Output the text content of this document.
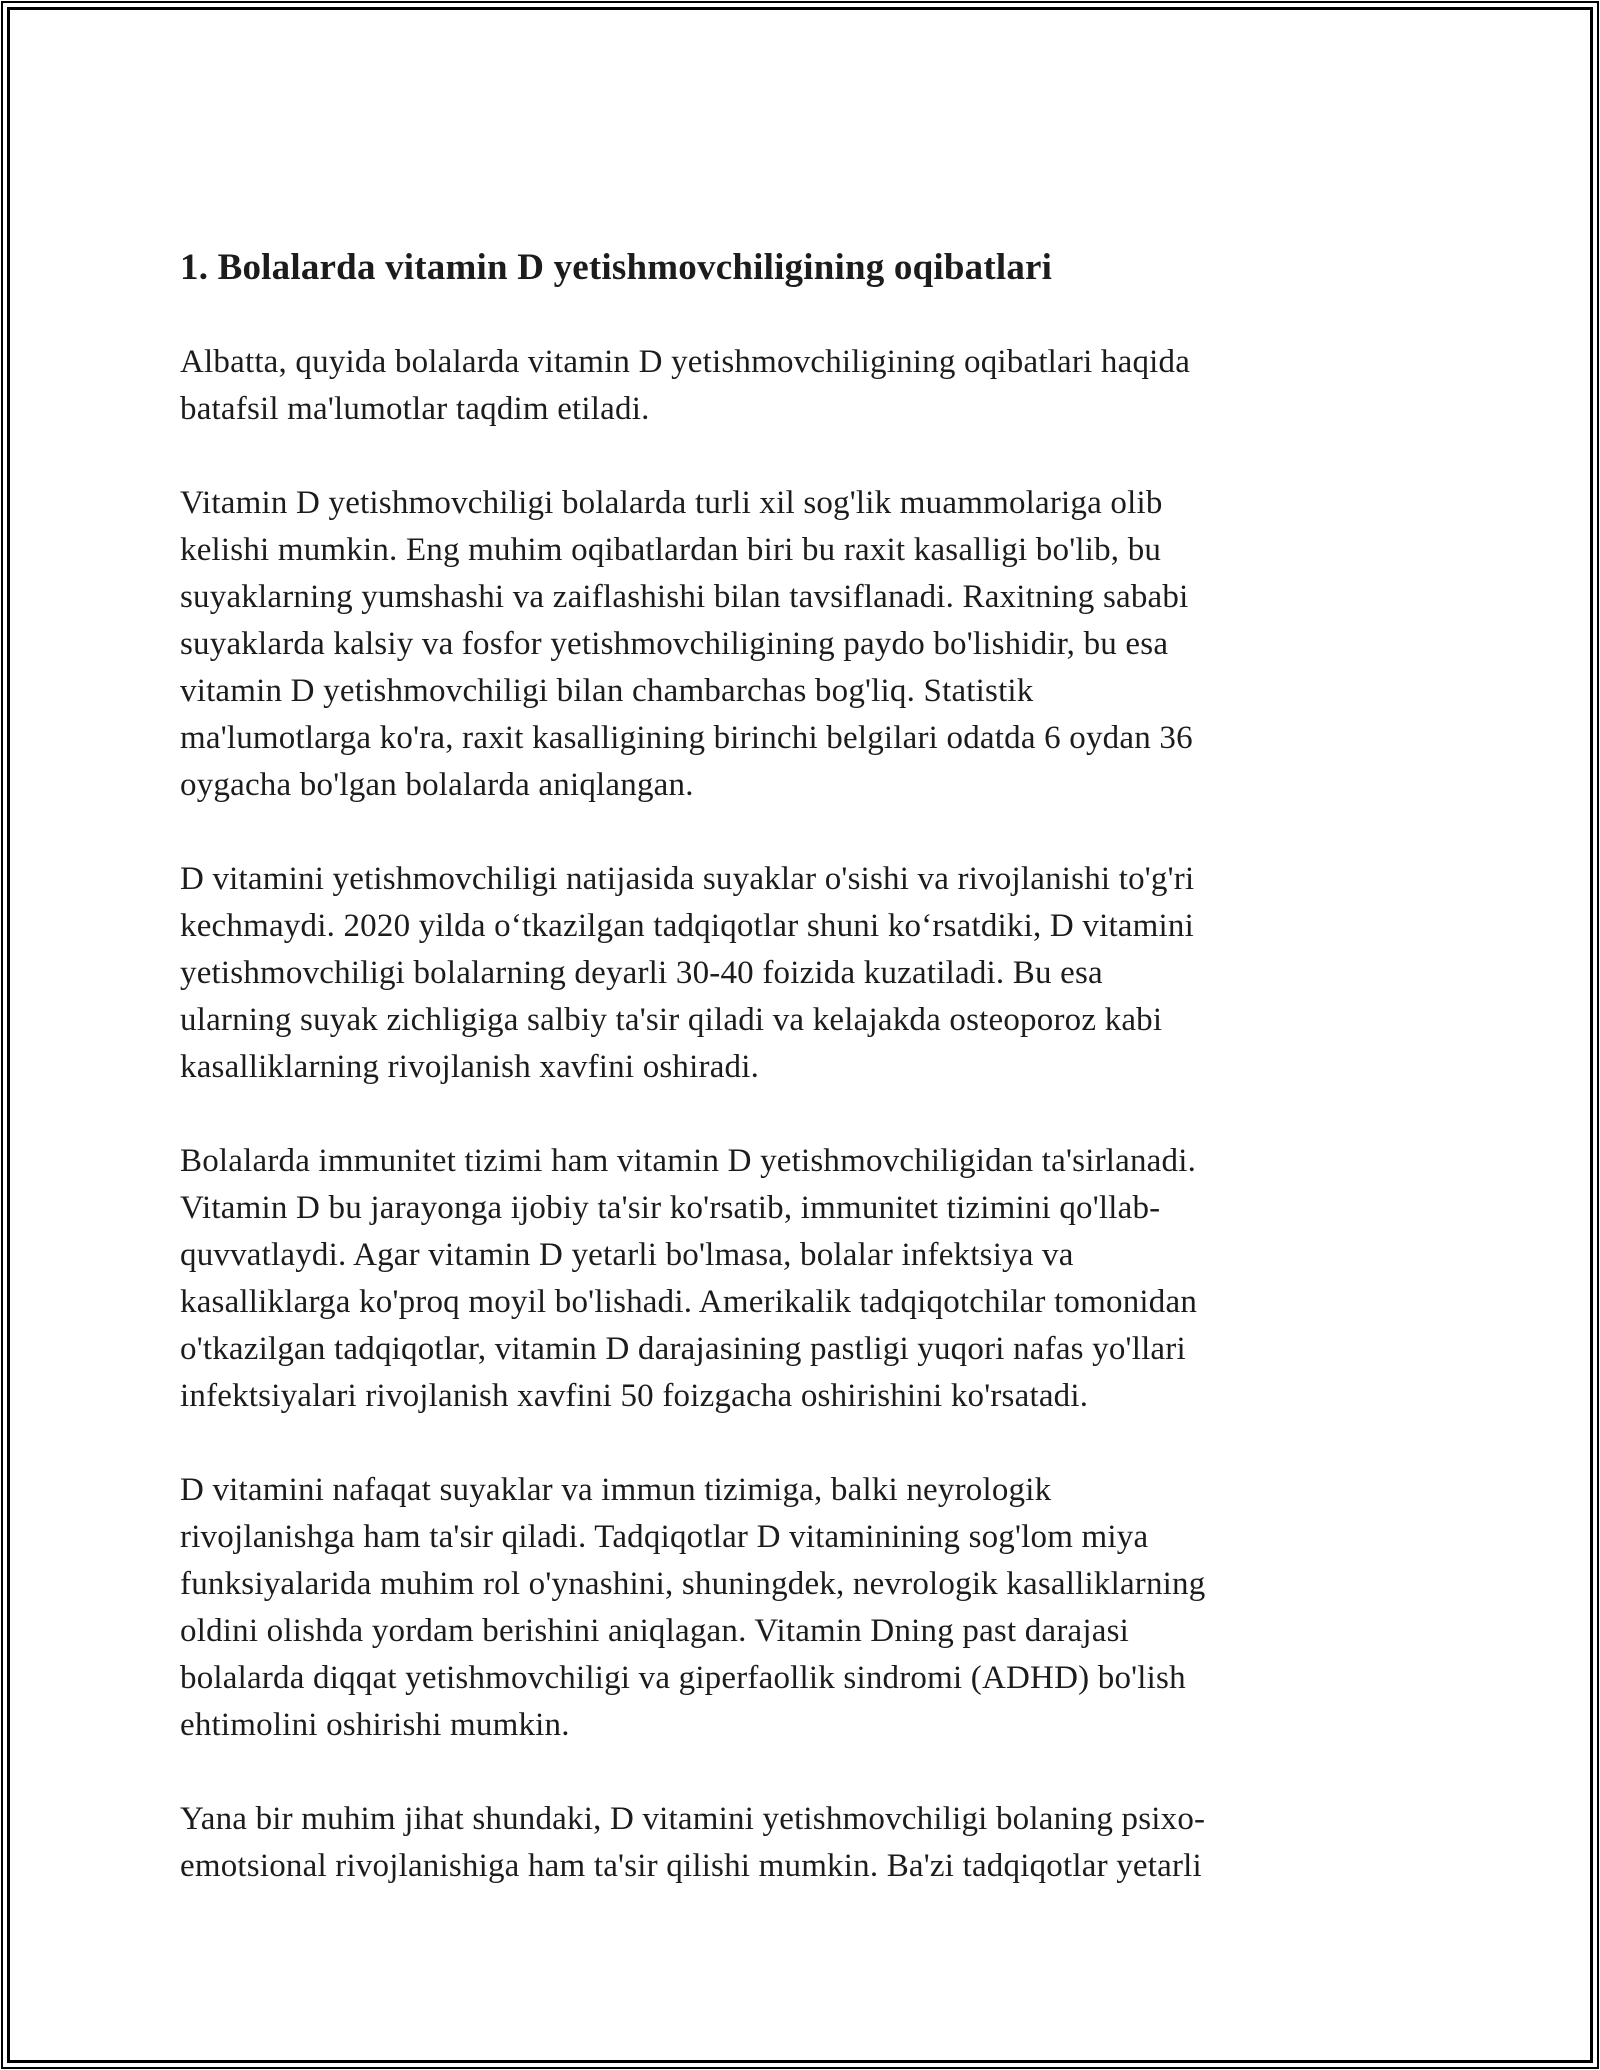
1. Bolalarda vitamin D yetishmovchiligining oqibatlari

Albatta, quyida bolalarda vitamin D yetishmovchiligining oqibatlari haqida
batafsil ma'lumotlar taqdim etiladi.

Vitamin D yetishmovchiligi bolalarda turli xil sog'lik muammolariga olib
kelishi mumkin. Eng muhim oqibatlardan biri bu raxit kasalligi bo'lib, bu
suyaklarning yumshashi va zaiflashishi bilan tavsiflanadi. Raxitning sababi
suyaklarda kalsiy va fosfor yetishmovchiligining paydo bo'lishidir, bu esa
vitamin D yetishmovchiligi bilan chambarchas bog'liq. Statistik
ma'lumotlarga ko'ra, raxit kasalligining birinchi belgilari odatda 6 oydan 36
oygacha bo'lgan bolalarda aniqlangan.

D vitamini yetishmovchiligi natijasida suyaklar o'sishi va rivojlanishi to'g'ri
kechmaydi. 2020 yilda o‘tkazilgan tadqiqotlar shuni ko‘rsatdiki, D vitamini
yetishmovchiligi bolalarning deyarli 30-40 foizida kuzatiladi. Bu esa
ularning suyak zichligiga salbiy ta'sir qiladi va kelajakda osteoporoz kabi
kasalliklarning rivojlanish xavfini oshiradi.

Bolalarda immunitet tizimi ham vitamin D yetishmovchiligidan ta'sirlanadi.
Vitamin D bu jarayonga ijobiy ta'sir ko'rsatib, immunitet tizimini qo'llab-
quvvatlaydi. Agar vitamin D yetarli bo'lmasa, bolalar infektsiya va
kasalliklarga ko'proq moyil bo'lishadi. Amerikalik tadqiqotchilar tomonidan
o'tkazilgan tadqiqotlar, vitamin D darajasining pastligi yuqori nafas yo'llari
infektsiyalari rivojlanish xavfini 50 foizgacha oshirishini ko'rsatadi.

D vitamini nafaqat suyaklar va immun tizimiga, balki neyrologik
rivojlanishga ham ta'sir qiladi. Tadqiqotlar D vitaminining sog'lom miya
funksiyalarida muhim rol o'ynashini, shuningdek, nevrologik kasalliklarning
oldini olishda yordam berishini aniqlagan. Vitamin Dning past darajasi
bolalarda diqqat yetishmovchiligi va giperfaollik sindromi (ADHD) bo'lish
ehtimolini oshirishi mumkin.

Yana bir muhim jihat shundaki, D vitamini yetishmovchiligi bolaning psixo-
emotsional rivojlanishiga ham ta'sir qilishi mumkin. Ba'zi tadqiqotlar yetarli
